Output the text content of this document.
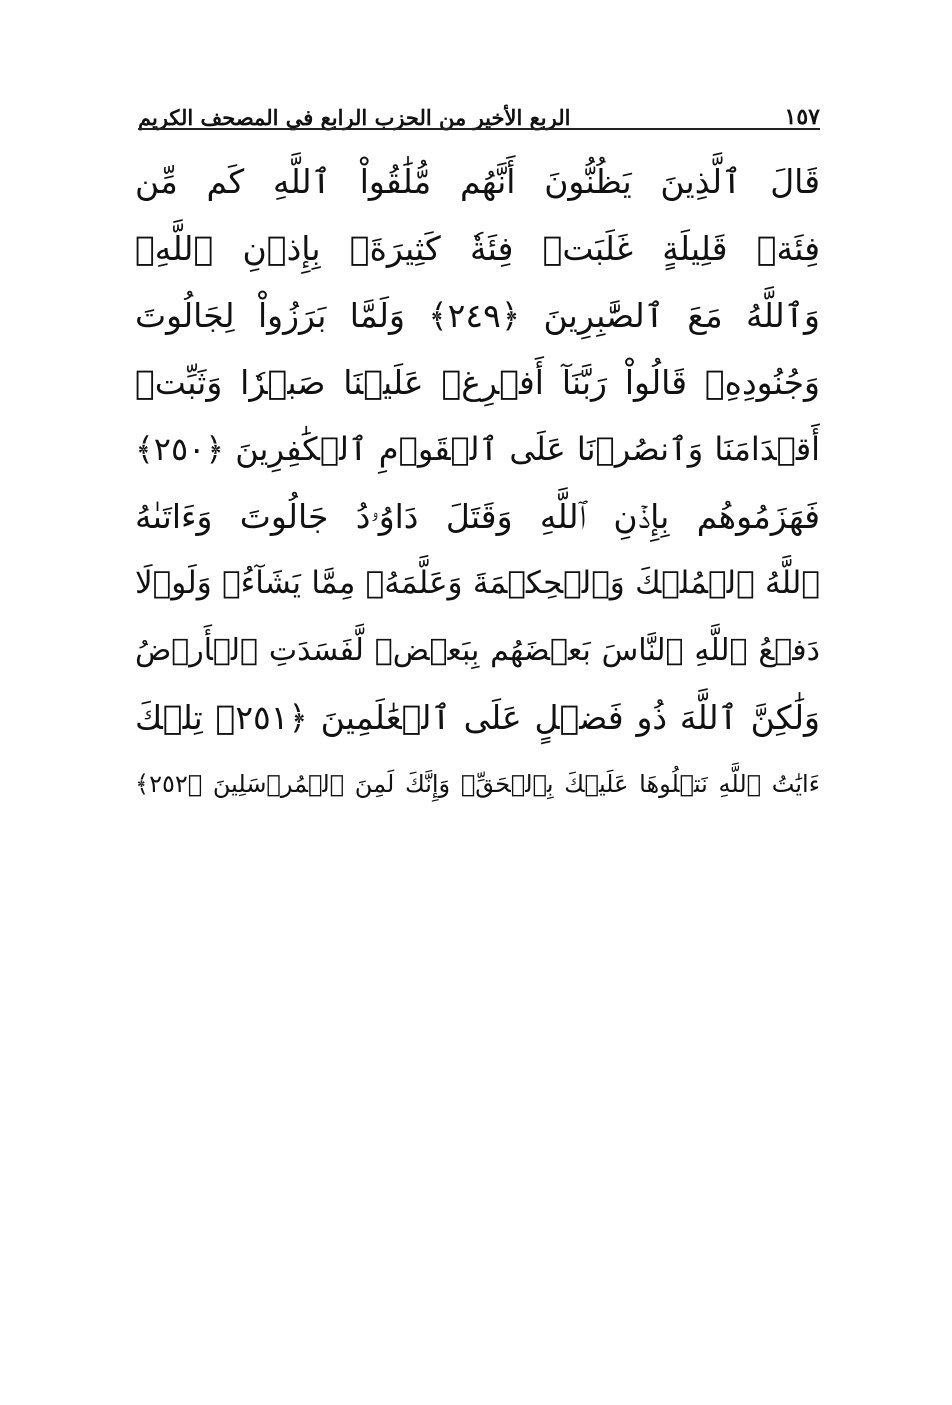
الربع الأخير من الحزب الرابع في المصحف الكريم	١٥٧
قَالَ ٱلَّذِينَ يَظُنُّونَ أَنَّهُم مُّلَٰقُواْ ٱللَّهِ كَم مِّن
فِئَةٖ قَلِيلَةٍ غَلَبَتۡ فِئَةٗ كَثِيرَةَۢ بِإِذۡنِ ٱللَّهِۗ
وَٱللَّهُ مَعَ ٱلصَّٰبِرِينَ ﴿٢٤٩﴾ وَلَمَّا بَرَزُواْ لِجَالُوتَ
وَجُنُودِهِۦ قَالُواْ رَبَّنَآ أَفۡرِغۡ عَلَيۡنَا صَبۡرٗا وَثَبِّتۡ
أَقۡدَامَنَا وَٱنصُرۡنَا عَلَى ٱلۡقَوۡمِ ٱلۡكَٰفِرِينَ ﴿٢٥٠﴾
فَهَزَمُوهُم بِإِذۡنِ ٱللَّهِ وَقَتَلَ دَاوُۥدُ جَالُوتَ وَءَاتَىٰهُ
ٱللَّهُ ٱلۡمُلۡكَ وَٱلۡحِكۡمَةَ وَعَلَّمَهُۥ مِمَّا يَشَآءُۗ وَلَوۡلَا
دَفۡعُ ٱللَّهِ ٱلنَّاسَ بَعۡضَهُم بِبَعۡضٖ لَّفَسَدَتِ ٱلۡأَرۡضُ
وَلَٰكِنَّ ٱللَّهَ ذُو فَضۡلٍ عَلَى ٱلۡعَٰلَمِينَ ﴿٢٥١﴾ تِلۡكَ
ءَايَٰتُ ٱللَّهِ نَتۡلُوهَا عَلَيۡكَ بِٱلۡحَقِّۚ وَإِنَّكَ لَمِنَ ٱلۡمُرۡسَلِينَ ﴿٢٥٢﴾
